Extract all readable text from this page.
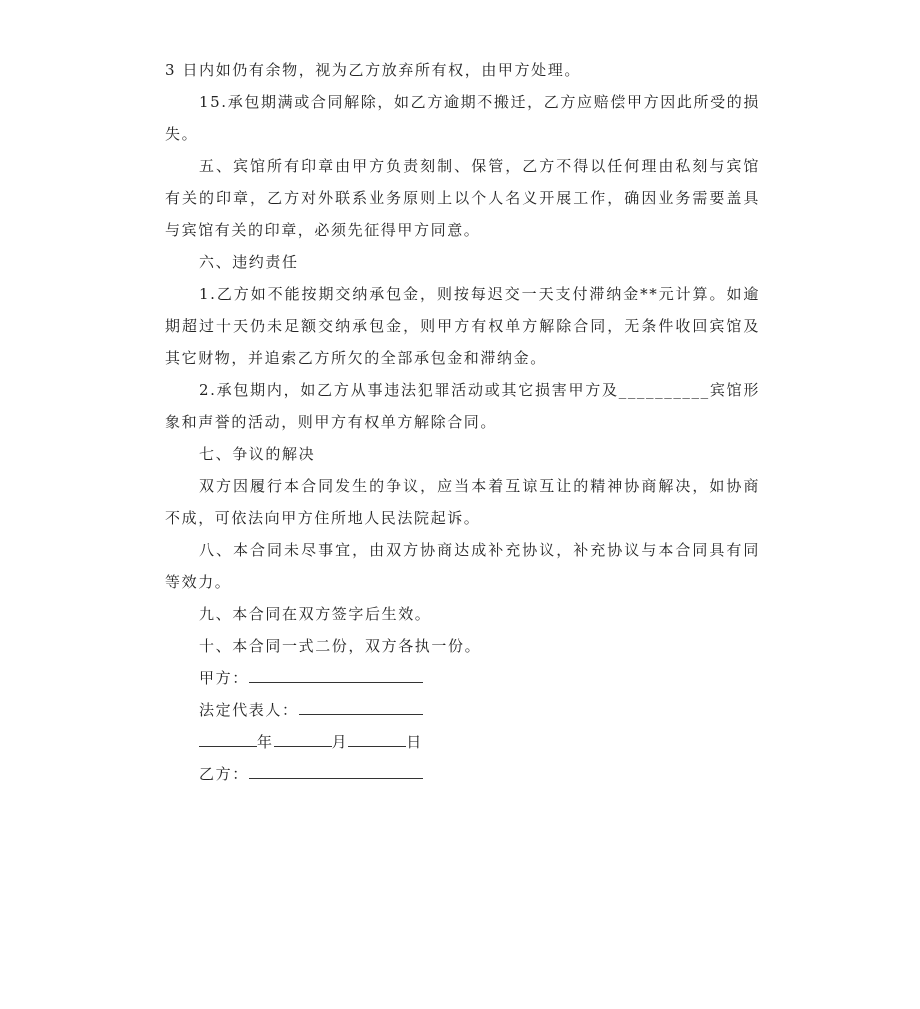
3 日内如仍有余物，视为乙方放弃所有权，由甲方处理。

15.承包期满或合同解除，如乙方逾期不搬迁，乙方应赔偿甲方因此所受的损失。

五、宾馆所有印章由甲方负责刻制、保管，乙方不得以任何理由私刻与宾馆有关的印章，乙方对外联系业务原则上以个人名义开展工作，确因业务需要盖具与宾馆有关的印章，必须先征得甲方同意。

六、违约责任

1.乙方如不能按期交纳承包金，则按每迟交一天支付滞纳金**元计算。如逾期超过十天仍未足额交纳承包金，则甲方有权单方解除合同，无条件收回宾馆及其它财物，并追索乙方所欠的全部承包金和滞纳金。

2.承包期内，如乙方从事违法犯罪活动或其它损害甲方及__________宾馆形象和声誉的活动，则甲方有权单方解除合同。

七、争议的解决

双方因履行本合同发生的争议，应当本着互谅互让的精神协商解决，如协商不成，可依法向甲方住所地人民法院起诉。

八、本合同未尽事宜，由双方协商达成补充协议，补充协议与本合同具有同等效力。

九、本合同在双方签字后生效。

十、本合同一式二份，双方各执一份。

甲方：
法定代表人：
年	月	日
乙方：
